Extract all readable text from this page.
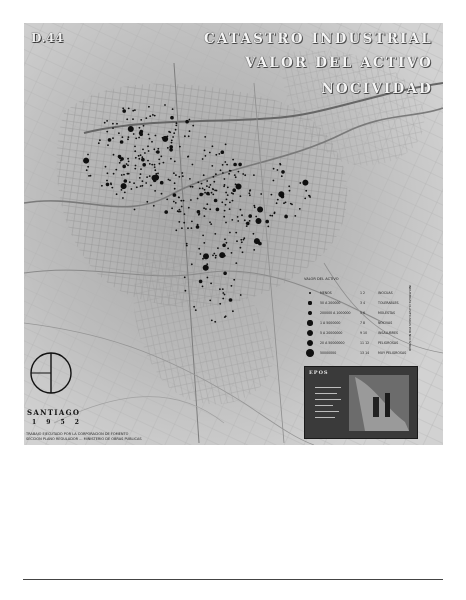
D.44	CATASTRO INDUSTRIAL
VALOR DEL ACTIVO
NOCIVIDAD
VALOR DEL ACTIVO
MENOS	1 2	INOCUAS
50 A 200000	3 4	TOLERABLES
200000 A 1000000	5 6	MOLESTAS
1 A 5000000	7 8	NOCIVAS
5 A 20000000	9 10	INSALUBRES
20 A 50000000	11 12	PELIGROSAS
50000000	13 14	MUY PELIGROSAS
INDUSTRIAS CLASIFICADAS POR NOCIVIDAD
EPOS
SANTIAGO
1 9 5 2
TRABAJO EJECUTADO POR LA CORPORACION DE FOMENTO
SECCION PLANO REGULADOR ... MINISTERIO DE OBRAS PUBLICAS
